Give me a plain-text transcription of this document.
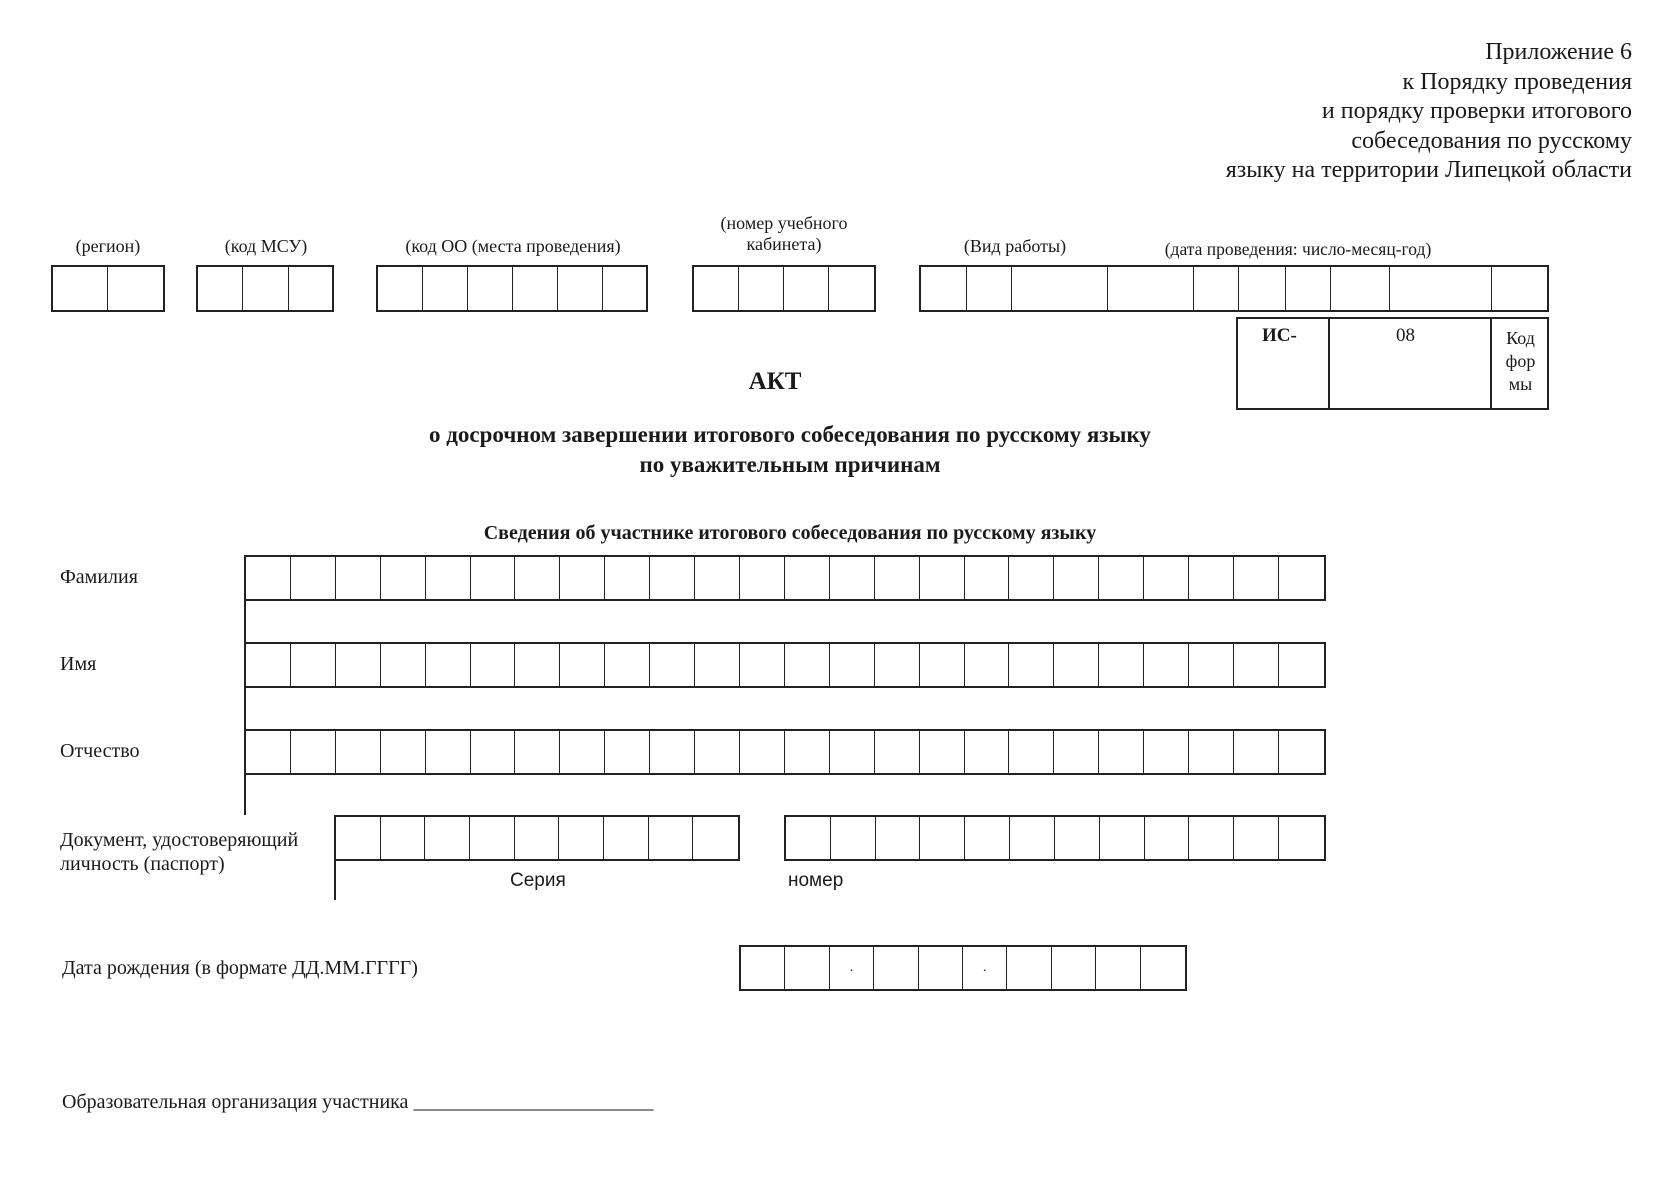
Приложение 6
к Порядку проведения
и порядку проверки итогового
собеседования по русскому
языку на территории Липецкой области
(регион)	(код МСУ)	(код ОО (места проведения)
(номер учебного
кабинета)	(Вид работы)	(дата проведения: число-месяц-год)
ИС-	08	Код
фор
мы
АКТ
о досрочном завершении итогового собеседования по русскому языку
по уважительным причинам
Сведения об участнике итогового собеседования по русскому языку
Фамилия
Имя
Отчество
Документ, удостоверяющий
личность (паспорт)
Серия	номер
Дата рождения (в формате ДД.ММ.ГГГГ)	.	.
Образовательная организация участника ________________________
